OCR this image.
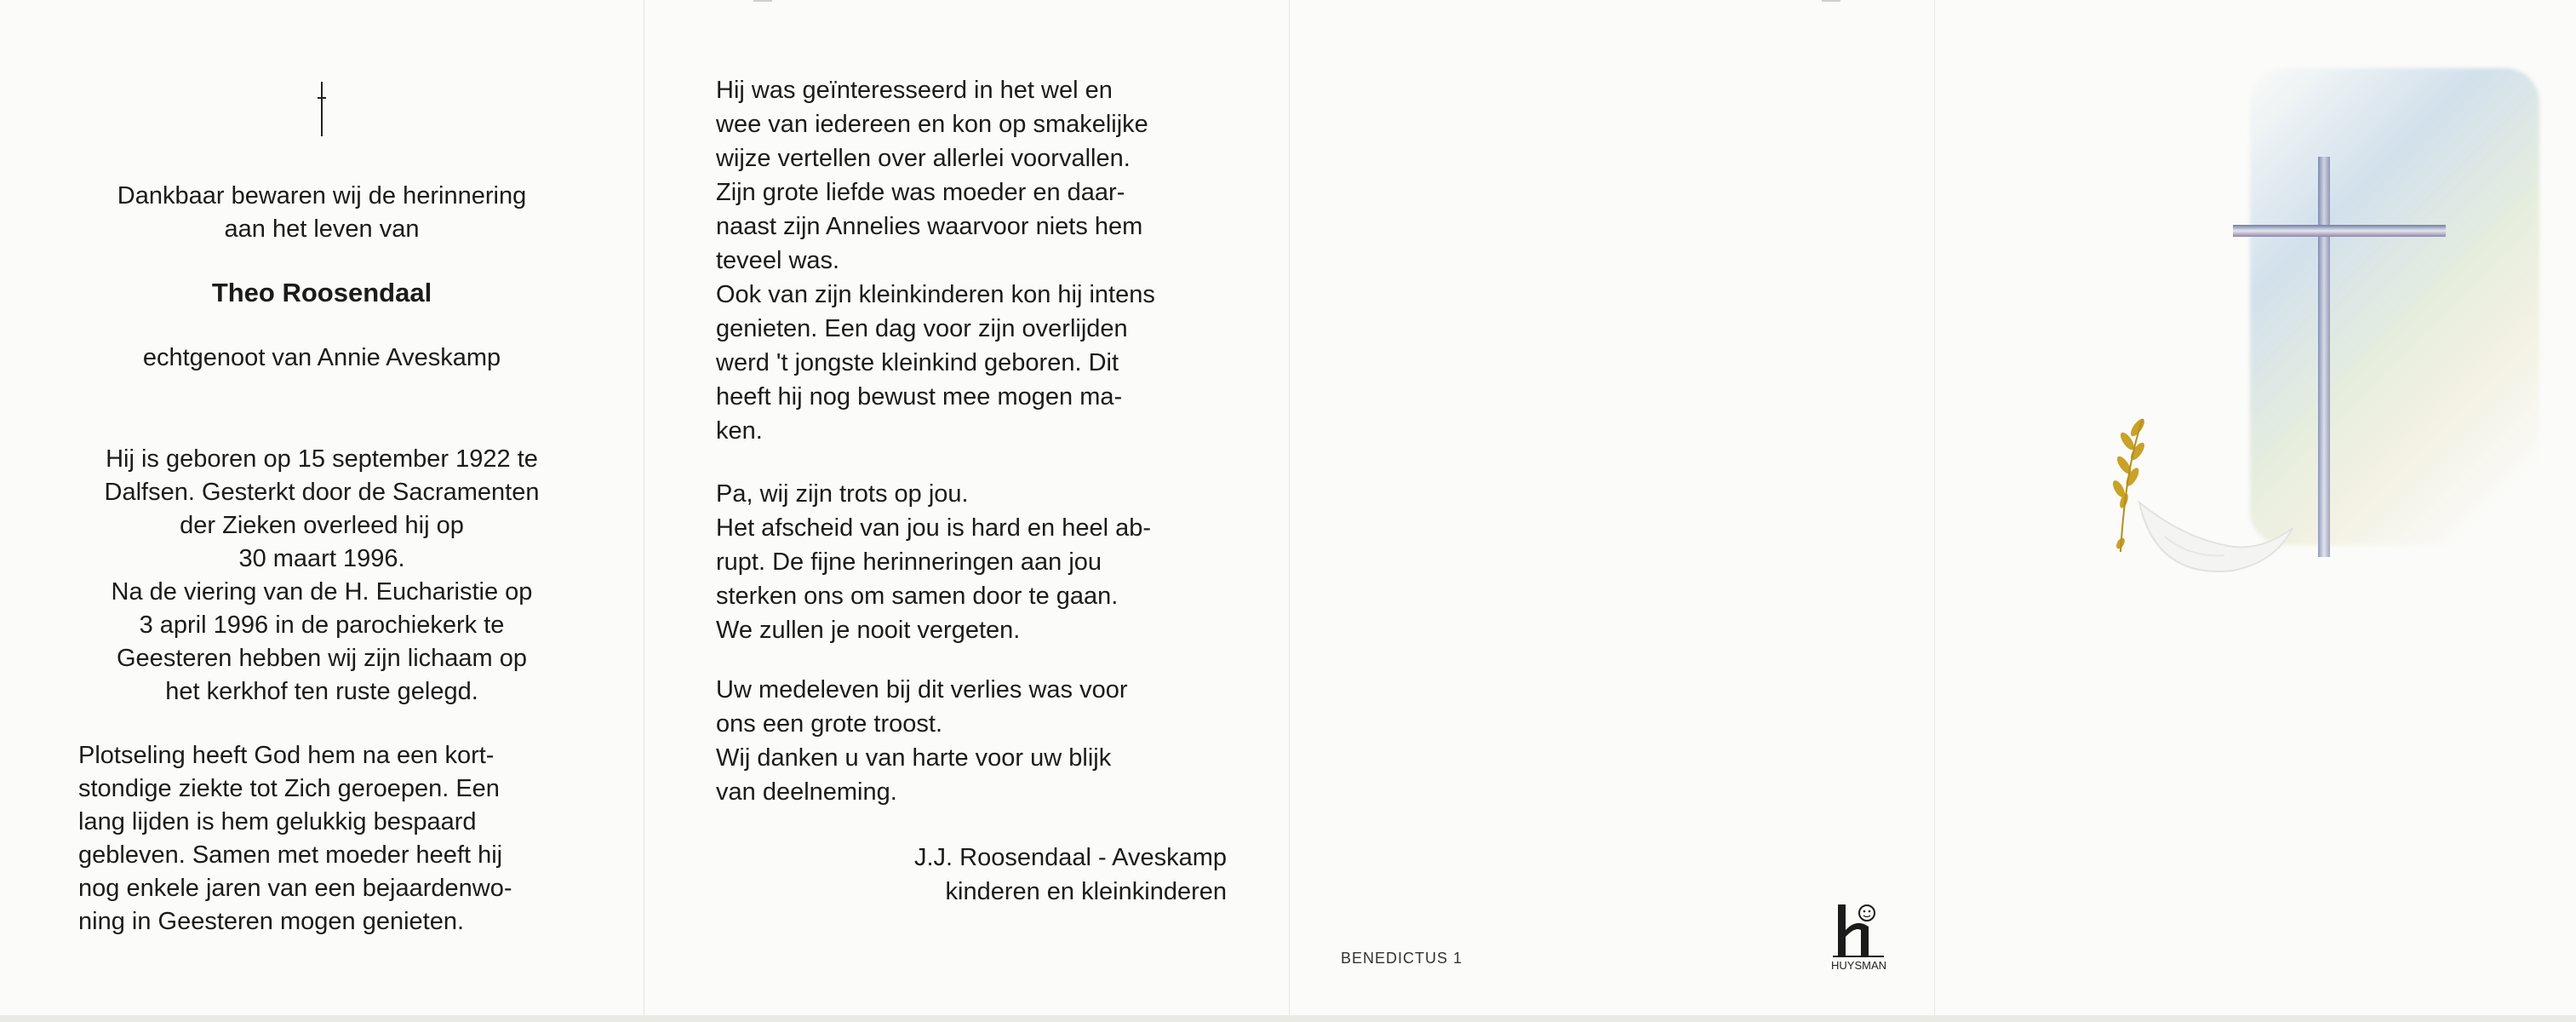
Dankbaar bewaren wij de herinnering
aan het leven van
Theo Roosendaal
echtgenoot van Annie Aveskamp
Hij is geboren op 15 september 1922 te
Dalfsen. Gesterkt door de Sacramenten
der Zieken overleed hij op
30 maart 1996.
Na de viering van de H. Eucharistie op
3 april 1996 in de parochiekerk te
Geesteren hebben wij zijn lichaam op
het kerkhof ten ruste gelegd.
Plotseling heeft God hem na een kort-
stondige ziekte tot Zich geroepen. Een
lang lijden is hem gelukkig bespaard
gebleven. Samen met moeder heeft hij
nog enkele jaren van een bejaardenwo-
ning in Geesteren mogen genieten.
Hij was geïnteresseerd in het wel en
wee van iedereen en kon op smakelijke
wijze vertellen over allerlei voorvallen.
Zijn grote liefde was moeder en daar-
naast zijn Annelies waarvoor niets hem
teveel was.
Ook van zijn kleinkinderen kon hij intens
genieten. Een dag voor zijn overlijden
werd 't jongste kleinkind geboren. Dit
heeft hij nog bewust mee mogen ma-
ken.
Pa, wij zijn trots op jou.
Het afscheid van jou is hard en heel ab-
rupt. De fijne herinneringen aan jou
sterken ons om samen door te gaan.
We zullen je nooit vergeten.
Uw medeleven bij dit verlies was voor
ons een grote troost.
Wij danken u van harte voor uw blijk
van deelneming.
J.J. Roosendaal - Aveskamp
kinderen en kleinkinderen
BENEDICTUS 1	HUYSMAN
